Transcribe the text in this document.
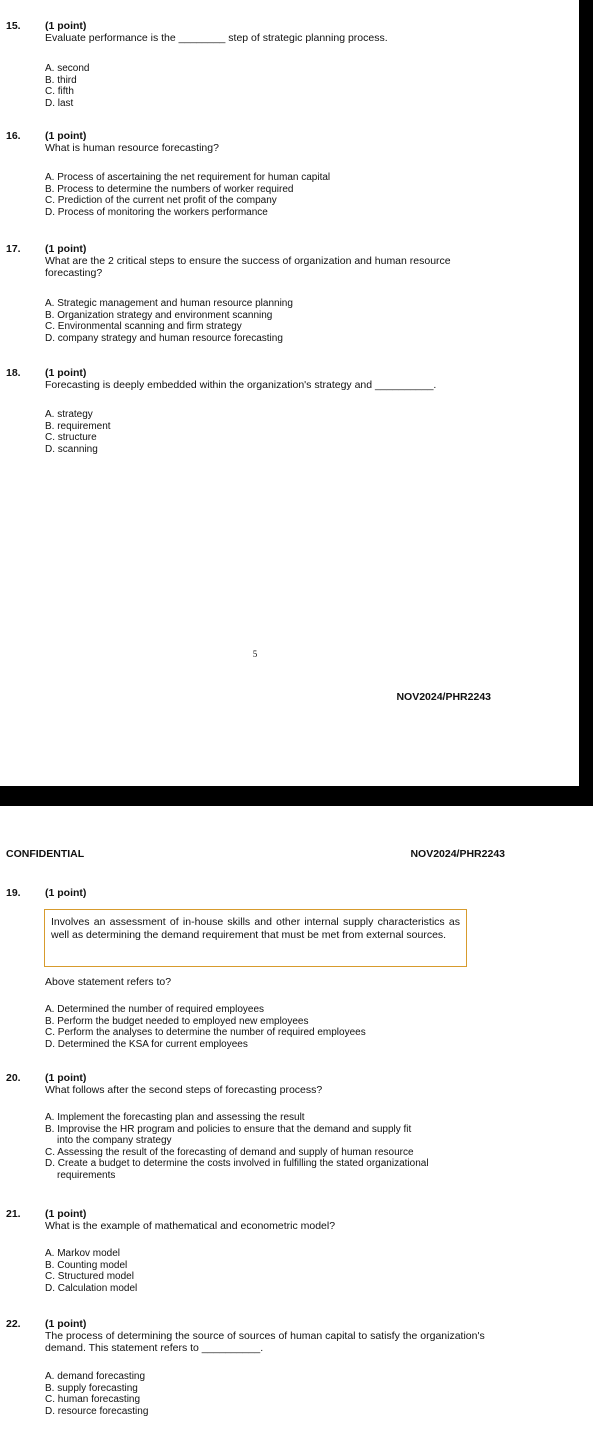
15. (1 point)
Evaluate performance is the ________ step of strategic planning process.
A. second
B. third
C. fifth
D. last
16. (1 point)
What is human resource forecasting?
A. Process of ascertaining the net requirement for human capital
B. Process to determine the numbers of worker required
C. Prediction of the current net profit of the company
D. Process of monitoring the workers performance
17. (1 point)
What are the 2 critical steps to ensure the success of organization and human resource forecasting?
A. Strategic management and human resource planning
B. Organization strategy and environment scanning
C. Environmental scanning and firm strategy
D. company strategy and human resource forecasting
18. (1 point)
Forecasting is deeply embedded within the organization's strategy and __________.
A. strategy
B. requirement
C. structure
D. scanning
5
NOV2024/PHR2243
CONFIDENTIAL	NOV2024/PHR2243
19. (1 point)
Involves an assessment of in-house skills and other internal supply characteristics as well as determining the demand requirement that must be met from external sources.
Above statement refers to?
A. Determined the number of required employees
B. Perform the budget needed to employed new employees
C. Perform the analyses to determine the number of required employees
D. Determined the KSA for current employees
20. (1 point)
What follows after the second steps of forecasting process?
A. Implement the forecasting plan and assessing the result
B. Improvise the HR program and policies to ensure that the demand and supply fit
into the company strategy
C. Assessing the result of the forecasting of demand and supply of human resource
D. Create a budget to determine the costs involved in fulfilling the stated organizational
requirements
21. (1 point)
What is the example of mathematical and econometric model?
A. Markov model
B. Counting model
C. Structured model
D. Calculation model
22. (1 point)
The process of determining the source of sources of human capital to satisfy the organization's demand. This statement refers to __________.
A. demand forecasting
B. supply forecasting
C. human forecasting
D. resource forecasting
